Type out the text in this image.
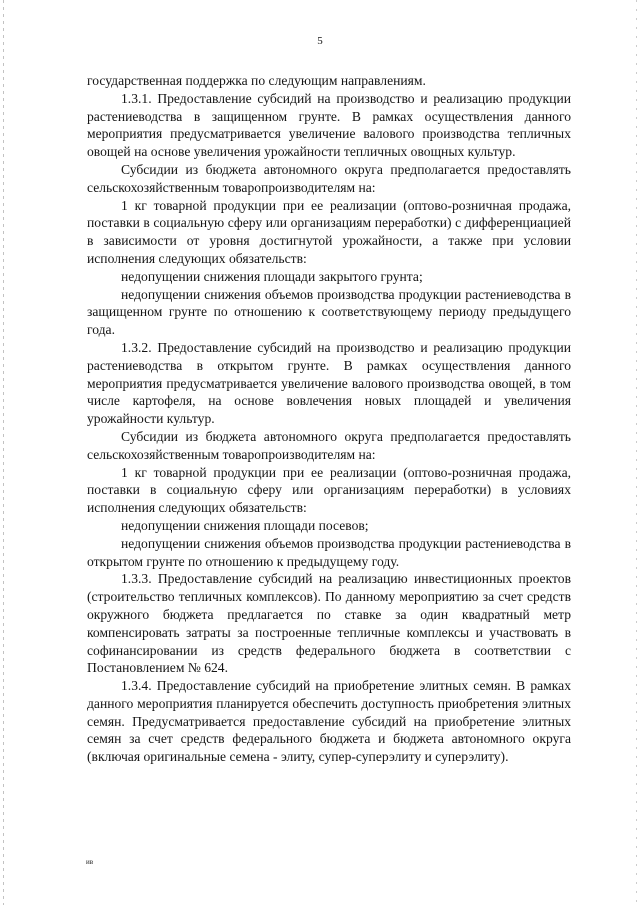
5

государственная поддержка по следующим направлениям.

1.3.1. Предоставление субсидий на производство и реализацию продукции растениеводства в защищенном грунте. В рамках осуществления данного мероприятия предусматривается увеличение валового производства тепличных овощей на основе увеличения урожайности тепличных овощных культур.

Субсидии из бюджета автономного округа предполагается предоставлять сельскохозяйственным товаропроизводителям на:

1 кг товарной продукции при ее реализации (оптово-розничная продажа, поставки в социальную сферу или организациям переработки) с дифференциацией в зависимости от уровня достигнутой урожайности, а также при условии исполнения следующих обязательств:

недопущении снижения площади закрытого грунта;

недопущении снижения объемов производства продукции растениеводства в защищенном грунте по отношению к соответствующему периоду предыдущего года.

1.3.2. Предоставление субсидий на производство и реализацию продукции растениеводства в открытом грунте. В рамках осуществления данного мероприятия предусматривается увеличение валового производства овощей, в том числе картофеля, на основе вовлечения новых площадей и увеличения урожайности культур.

Субсидии из бюджета автономного округа предполагается предоставлять сельскохозяйственным товаропроизводителям на:

1 кг товарной продукции при ее реализации (оптово-розничная продажа, поставки в социальную сферу или организациям переработки) в условиях исполнения следующих обязательств:

недопущении снижения площади посевов;

недопущении снижения объемов производства продукции растениеводства в открытом грунте по отношению к предыдущему году.

1.3.3. Предоставление субсидий на реализацию инвестиционных проектов (строительство тепличных комплексов). По данному мероприятию за счет средств окружного бюджета предлагается по ставке за один квадратный метр компенсировать затраты за построенные тепличные комплексы и участвовать в софинансировании из средств федерального бюджета в соответствии с Постановлением № 624.

1.3.4. Предоставление субсидий на приобретение элитных семян. В рамках данного мероприятия планируется обеспечить доступность приобретения элитных семян. Предусматривается предоставление субсидий на приобретение элитных семян за счет средств федерального бюджета и бюджета автономного округа (включая оригинальные семена - элиту, супер-суперэлиту и суперэлиту).

ив
